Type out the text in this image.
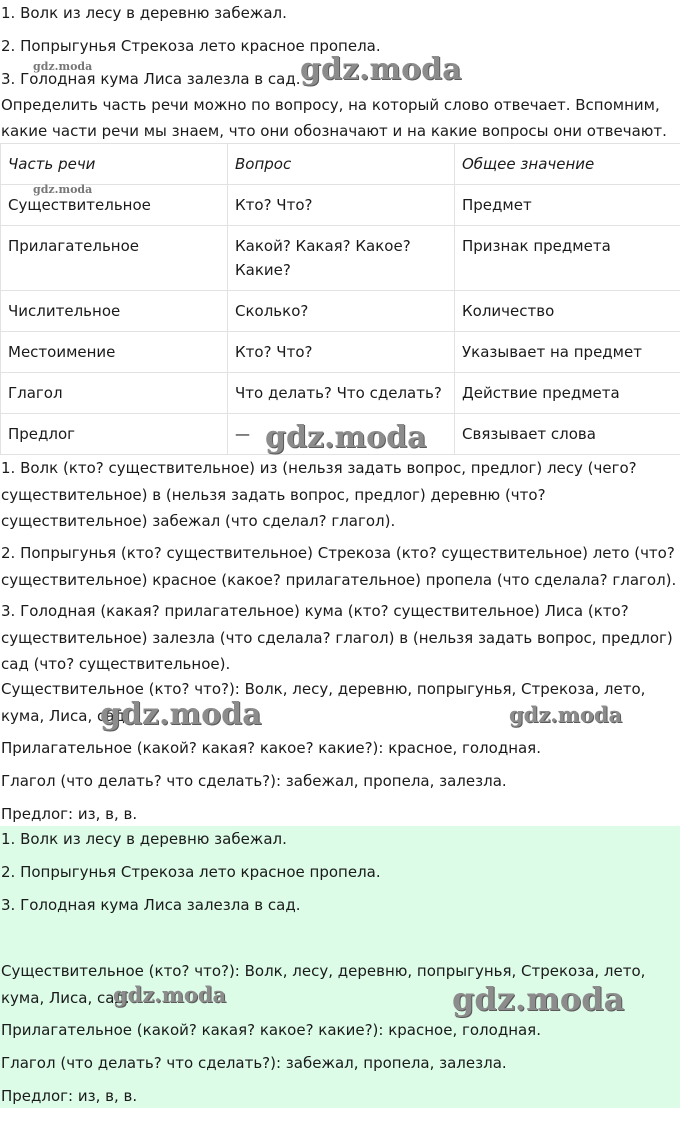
1. Волк из лесу в деревню забежал.
2. Попрыгунья Стрекоза лето красное пропела.
3. Голодная кума Лиса залезла в сад.
Определить часть речи можно по вопросу, на который слово отвечает. Вспомним, какие части речи мы знаем, что они обозначают и на какие вопросы они отвечают.
Часть речи	Вопрос	Общее значение
Существительное	Кто? Что?	Предмет
Прилагательное	Какой? Какая? Какое? Какие?	Признак предмета
Числительное	Сколько?	Количество
Местоимение	Кто? Что?	Указывает на предмет
Глагол	Что делать? Что сделать?	Действие предмета
Предлог	—	Связывает слова
1. Волк (кто? существительное) из (нельзя задать вопрос, предлог) лесу (чего? существительное) в (нельзя задать вопрос, предлог) деревню (что? существительное) забежал (что сделал? глагол).
2. Попрыгунья (кто? существительное) Стрекоза (кто? существительное) лето (что? существительное) красное (какое? прилагательное) пропела (что сделала? глагол).
3. Голодная (какая? прилагательное) кума (кто? существительное) Лиса (кто? существительное) залезла (что сделала? глагол) в (нельзя задать вопрос, предлог) сад (что? существительное).
Существительное (кто? что?): Волк, лесу, деревню, попрыгунья, Стрекоза, лето, кума, Лиса, сад.
Прилагательное (какой? какая? какое? какие?): красное, голодная.
Глагол (что делать? что сделать?): забежал, пропела, залезла.
Предлог: из, в, в.
1. Волк из лесу в деревню забежал.
2. Попрыгунья Стрекоза лето красное пропела.
3. Голодная кума Лиса залезла в сад.
Существительное (кто? что?): Волк, лесу, деревню, попрыгунья, Стрекоза, лето, кума, Лиса, сад.
Прилагательное (какой? какая? какое? какие?): красное, голодная.
Глагол (что делать? что сделать?): забежал, пропела, залезла.
Предлог: из, в, в.
gdz.moda
gdz.moda
gdz.moda
gdz.moda
gdz.moda	gdz.moda
gdz.moda	gdz.moda
